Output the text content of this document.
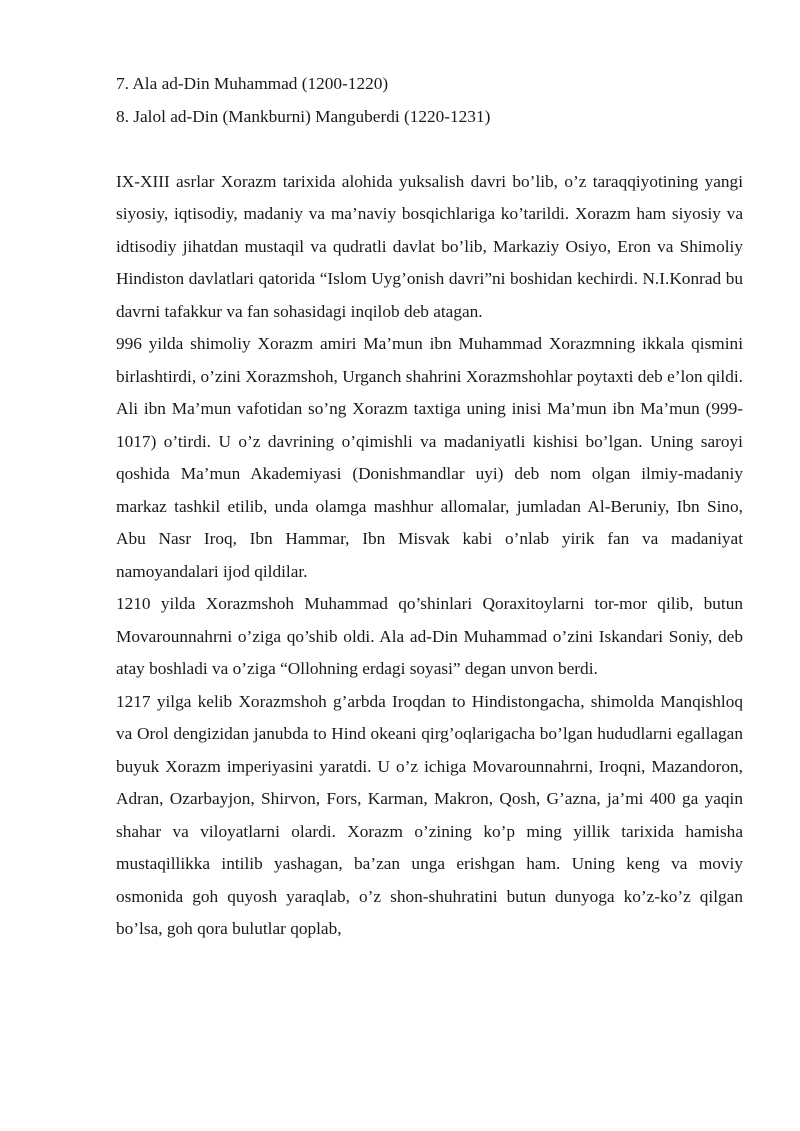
7. Ala ad-Din Muhammad (1200-1220)

8. Jalol ad-Din (Mankburni) Manguberdi (1220-1231)

IX-XIII asrlar Xorazm tarixida alohida yuksalish davri bo’lib, o’z taraqqiyotining yangi siyosiy, iqtisodiy, madaniy va ma’naviy bosqichlariga ko’tarildi. Xorazm ham siyosiy va idtisodiy jihatdan mustaqil va qudratli davlat bo’lib, Markaziy Osiyo, Eron va Shimoliy Hindiston davlatlari qatorida “Islom Uyg’onish davri”ni boshidan kechirdi. N.I.Konrad bu davrni tafakkur va fan sohasidagi inqilob deb atagan.

996 yilda shimoliy Xorazm amiri Ma’mun ibn Muhammad Xorazmning ikkala qismini birlashtirdi, o’zini Xorazmshoh, Urganch shahrini Xorazmshohlar poytaxti deb e’lon qildi. Ali ibn Ma’mun vafotidan so’ng Xorazm taxtiga uning inisi Ma’mun ibn Ma’mun (999-1017) o’tirdi. U o’z davrining o’qimishli va madaniyatli kishisi bo’lgan. Uning saroyi qoshida Ma’mun Akademiyasi (Donishmandlar uyi) deb nom olgan ilmiy-madaniy markaz tashkil etilib, unda olamga mashhur allomalar, jumladan Al-Beruniy, Ibn Sino, Abu Nasr Iroq, Ibn Hammar, Ibn Misvak kabi o’nlab yirik fan va madaniyat namoyandalari ijod qildilar.

1210 yilda Xorazmshoh Muhammad qo’shinlari Qoraxitoylarni tor-mor qilib, butun Movarounnahrni o’ziga qo’shib oldi. Ala ad-Din Muhammad o’zini Iskandari Soniy, deb atay boshladi va o’ziga “Ollohning erdagi soyasi” degan unvon berdi.

1217 yilga kelib Xorazmshoh g’arbda Iroqdan to Hindistongacha, shimolda Manqishloq va Orol dengizidan janubda to Hind okeani qirg’oqlarigacha bo’lgan hududlarni egallagan buyuk Xorazm imperiyasini yaratdi. U o’z ichiga Movarounnahrni, Iroqni, Mazandoron, Adran, Ozarbayjon, Shirvon, Fors, Karman, Makron, Qosh, G’azna, ja’mi 400 ga yaqin shahar va viloyatlarni olardi. Xorazm o’zining ko’p ming yillik tarixida hamisha mustaqillikka intilib yashagan, ba’zan unga erishgan ham. Uning keng va moviy osmonida goh quyosh yaraqlab, o’z shon-shuhratini butun dunyoga ko’z-ko’z qilgan bo’lsa, goh qora bulutlar qoplab,
